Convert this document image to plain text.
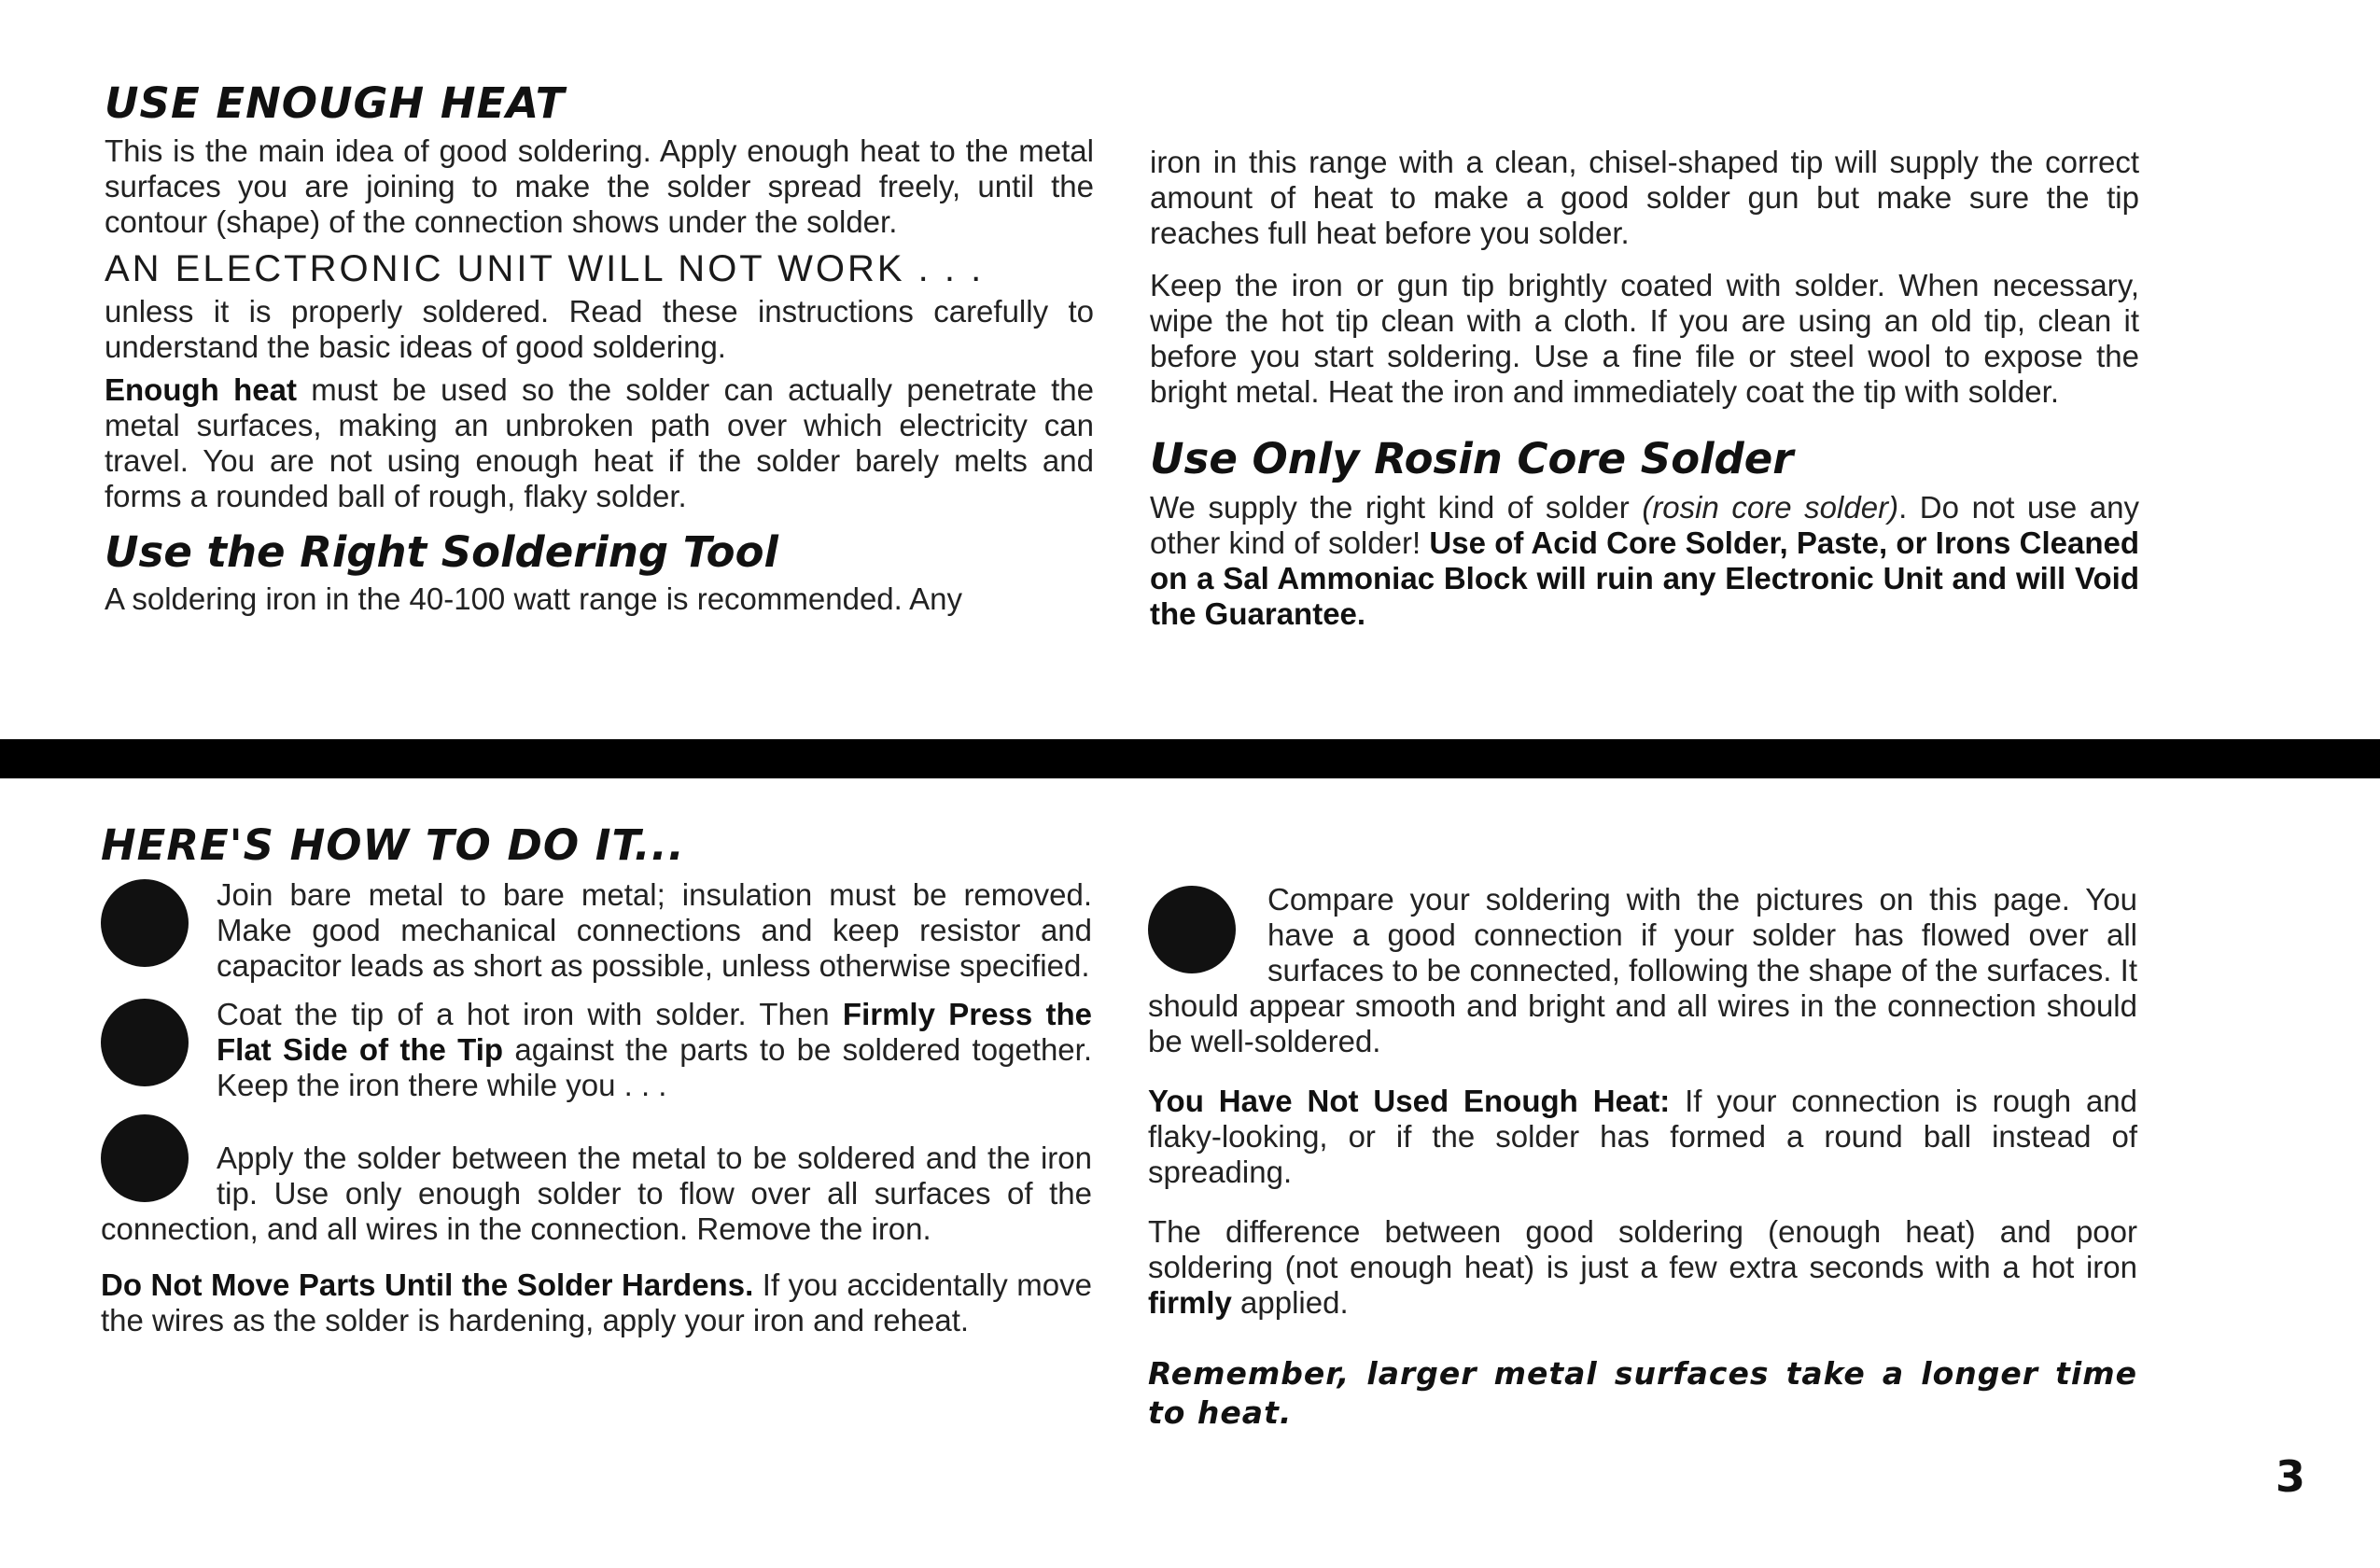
USE ENOUGH HEAT

This is the main idea of good soldering. Apply enough heat to the metal surfaces you are joining to make the solder spread freely, until the contour (shape) of the connection shows under the solder.

AN ELECTRONIC UNIT WILL NOT WORK . . .

unless it is properly soldered. Read these instructions carefully to understand the basic ideas of good soldering.

Enough heat must be used so the solder can actually penetrate the metal surfaces, making an unbroken path over which electricity can travel. You are not using enough heat if the solder barely melts and forms a rounded ball of rough, flaky solder.

Use the Right Soldering Tool

A soldering iron in the 40-100 watt range is recommended. Any

iron in this range with a clean, chisel-shaped tip will supply the correct amount of heat to make a good solder gun but make sure the tip reaches full heat before you solder.

Keep the iron or gun tip brightly coated with solder. When necessary, wipe the hot tip clean with a cloth. If you are using an old tip, clean it before you start soldering. Use a fine file or steel wool to expose the bright metal. Heat the iron and immediately coat the tip with solder.

Use Only Rosin Core Solder

We supply the right kind of solder (rosin core solder). Do not use any other kind of solder! Use of Acid Core Solder, Paste, or Irons Cleaned on a Sal Ammoniac Block will ruin any Electronic Unit and will Void the Guarantee.

HERE'S HOW TO DO IT...

Join bare metal to bare metal; insulation must be removed. Make good mechanical connections and keep resistor and capacitor leads as short as possible, unless otherwise specified.

Coat the tip of a hot iron with solder. Then Firmly Press the Flat Side of the Tip against the parts to be soldered together. Keep the iron there while you . . .

Apply the solder between the metal to be soldered and the iron tip. Use only enough solder to flow over all surfaces of the connection, and all wires in the connection. Remove the iron.

Do Not Move Parts Until the Solder Hardens. If you accidentally move the wires as the solder is hardening, apply your iron and reheat.

Compare your soldering with the pictures on this page. You have a good connection if your solder has flowed over all surfaces to be connected, following the shape of the surfaces. It should appear smooth and bright and all wires in the connection should be well-soldered.

You Have Not Used Enough Heat: If your connection is rough and flaky-looking, or if the solder has formed a round ball instead of spreading.

The difference between good soldering (enough heat) and poor soldering (not enough heat) is just a few extra seconds with a hot iron firmly applied.

Remember, larger metal surfaces take a longer time to heat.

3
